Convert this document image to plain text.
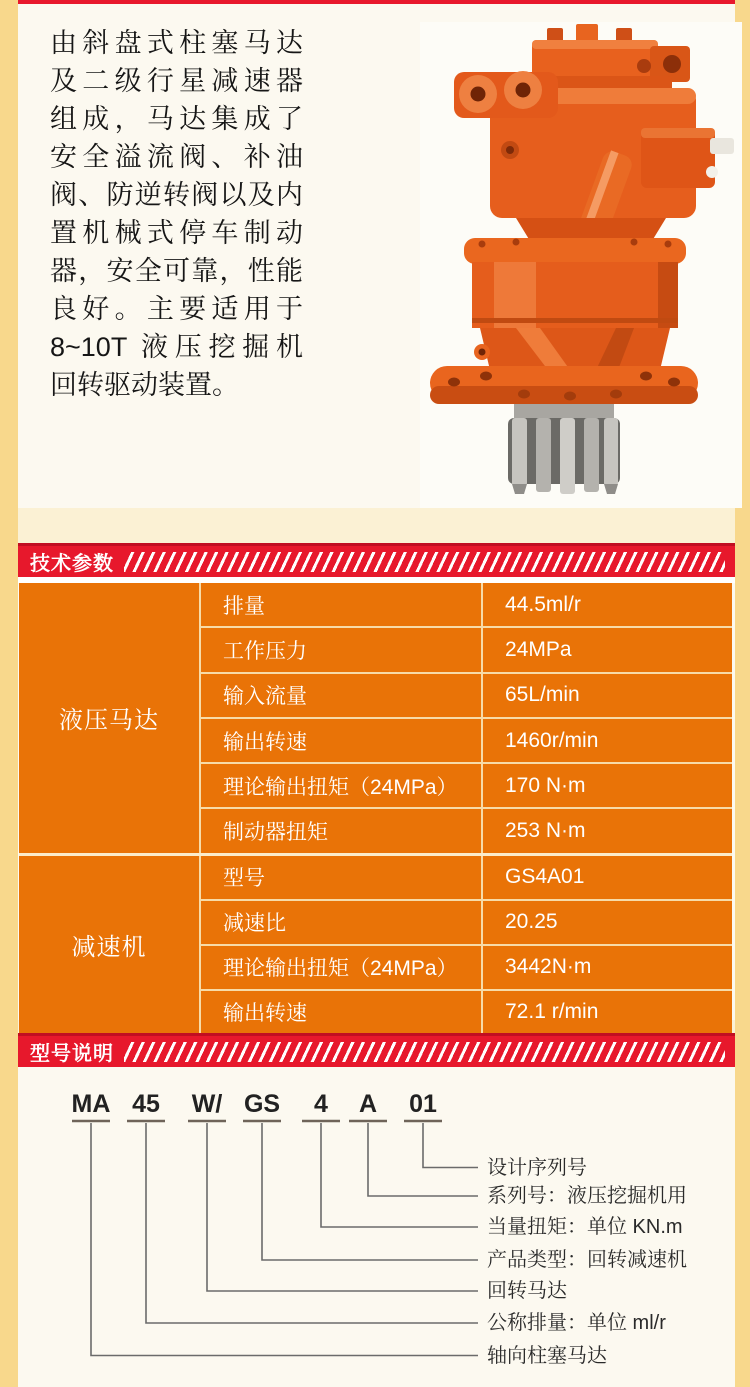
由斜盘式柱塞马达
及二级行星减速器
组成，马达集成了
安全溢流阀、补油
阀、防逆转阀以及内
置机械式停车制动
器，安全可靠，性能
良好。主要适用于
8~10T 液压挖掘机
回转驱动装置。
技术参数
液压马达
排量	44.5ml/r
工作压力	24MPa
输入流量	65L/min
输出转速	1460r/min
理论输出扭矩（24MPa）	170 N·m
制动器扭矩	253 N·m
减速机
型号	GS4A01
减速比	20.25
理论输出扭矩（24MPa）	3442N·m
输出转速	72.1 r/min
型号说明
MA 45	W/ GS	4	A	01
设计序列号
系列号：液压挖掘机用
当量扭矩：单位 KN.m
产品类型：回转减速机
回转马达
公称排量：单位 ml/r
轴向柱塞马达
